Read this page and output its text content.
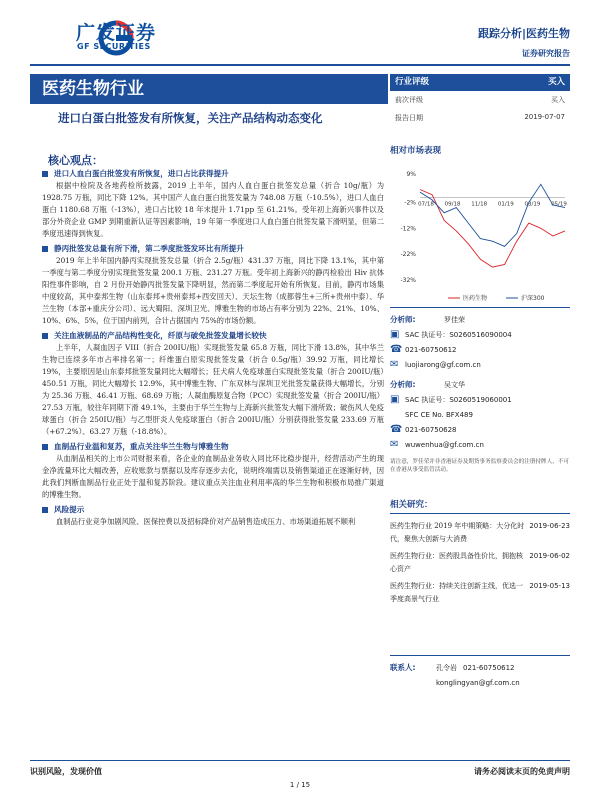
广发证券
GF SECURITIES
跟踪分析|医药生物
证券研究报告
医药生物行业
进口白蛋白批签发有所恢复，关注产品结构动态变化
核心观点：
进口人血白蛋白批签发有所恢复，进口占比获得提升
根据中检院及各地药检所披露，2019 上半年，国内人血白蛋白批签发总量（折合 10g/瓶）为 1928.75 万瓶，同比下降 12%。其中国产人血白蛋白批签发量为 748.08 万瓶（-10.5%），进口人血白蛋白 1180.68 万瓶（-13%），进口占比较 18 年末提升 1.71pp 至 61.21%。受年初上海新兴事件以及部分外资企业 GMP 到期重新认证等因素影响，19 年第一季度进口人血白蛋白批签发量下滑明显，但第二季度迅速得到恢复。
静丙批签发总量有所下滑，第二季度批签发环比有所提升
2019 年上半年国内静丙实现批签发总量（折合 2.5g/瓶）431.37 万瓶，同比下降 13.1%，其中第一季度与第二季度分别实现批签发量 200.1 万瓶、231.27 万瓶。受年初上海新兴的静丙检验出 Hiv 抗体阳性事件影响，自 2 月份开始静丙批签发量下降明显，然而第二季度起开始有所恢复。目前，静丙市场集中度较高，其中泰邦生物（山东泰邦+贵州泰邦+西安回天）、天坛生物（成都蓉生+三所+贵州中泰）、华兰生物（本部+重庆分公司）、远大蜀阳、深圳卫光、博雅生物的市场占有率分别为 22%、21%、10%、10%、6%、5%，位于国内前列，合计占据国内 75%的市场份额。
关注血液制品的产品结构性变化，纤原与破免批签发量增长较快
上半年，人凝血因子 VIII（折合 200IU/瓶）实现批签发量 65.8 万瓶，同比下滑 13.8%，其中华兰生物已连续多年市占率排名第一；纤维蛋白原实现批签发量（折合 0.5g/瓶）39.92 万瓶，同比增长 19%，主要原因是山东泰邦批签发量同比大幅增长；狂犬病人免疫球蛋白实现批签发量（折合 200IU/瓶）450.51 万瓶，同比大幅增长 12.9%，其中博雅生物、广东双林与深圳卫光批签发量获得大幅增长，分别为 25.36 万瓶、46.41 万瓶、68.69 万瓶；人凝血酶原复合物（PCC）实现批签发量（折合 200IU/瓶）27.53 万瓶，较往年同期下滑 49.1%，主要由于华兰生物与上海新兴批签发大幅下滑所致；破伤风人免疫球蛋白（折合 250IU/瓶）与乙型肝炎人免疫球蛋白（折合 200IU/瓶）分别获得批签发量 233.69 万瓶（+67.2%）、63.27 万瓶（-18.8%）。
血制品行业温和复苏，重点关注华兰生物与博雅生物
从血制品相关的上市公司财报来看，各企业的血制品业务收入同比环比稳步提升，经营活动产生的现金净流量环比大幅改善，应收账款与票据以及库存逐步去化，说明终端需以及销售渠道正在逐渐好转，因此我们判断血制品行业正处于温和复苏阶段。建议重点关注血业利用率高的华兰生物和积极布局推广渠道的博雅生物。
风险提示
血制品行业竞争加剧风险、医保控费以及招标降价对产品销售造成压力、市场渠道拓展不顺利
行业评级	买入
前次评级	买入
报告日期	2019-07-07
相对市场表现
9%
-2%
-12%
-22%
-32%
07/18 09/18 11/18 01/19 03/19 05/19
医药生物	沪深300
分析师:	罗佳荣
▣ SAC 执证号：S0260516090004
☎ 021-60750612
✉ luojiarong@gf.com.cn
分析师:	吴文华
▣ SAC 执证号：S0260519060001
SFC CE No. BFX489
☎ 021-60750628
✉ wuwenhua@gf.com.cn
请注意，罗佳荣并非香港证券及期货事务监察委员会的注册持牌人，不可在香港从事受监管活动。
相关研究：
2019-06-23
医药生物行业 2019 年中期策略：大分化时代，聚焦大创新与大消费
2019-06-02
医药生物行业：医药股具备性价比，拥抱核心资产
2019-05-13
医药生物行业：持续关注创新主线，优选一季度高景气行业
联系人:	孔令岩 021-60750612
konglingyan@gf.com.cn
识别风险，发现价值	请务必阅读末页的免责声明
1 / 15
